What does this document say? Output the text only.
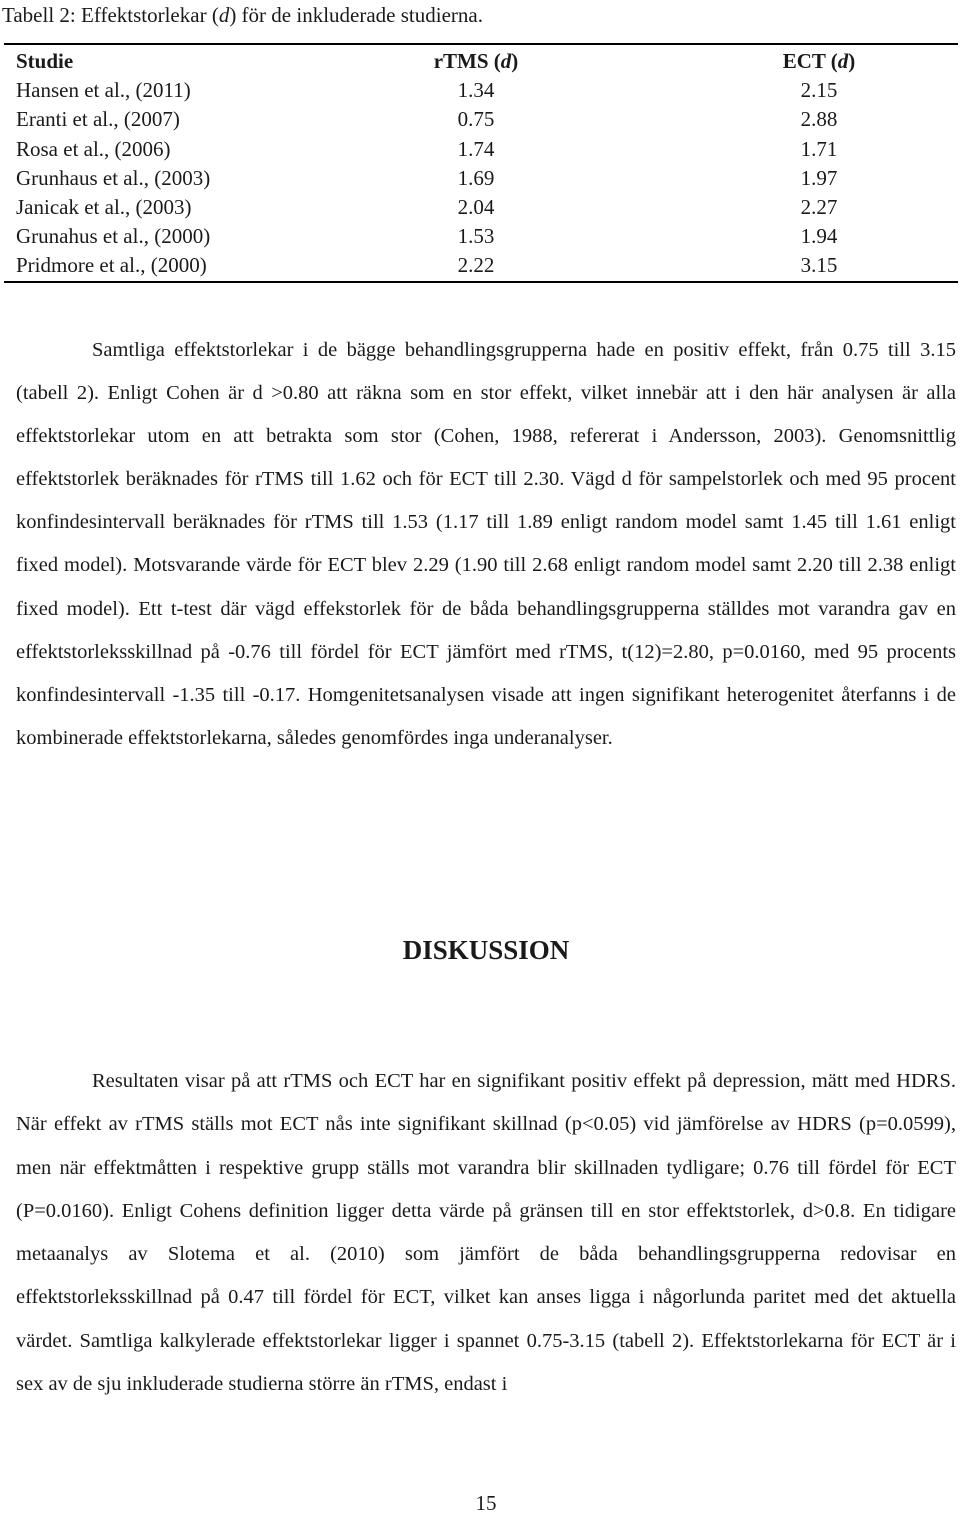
Tabell 2: Effektstorlekar (d) för de inkluderade studierna.
Studie	rTMS (d)	ECT (d)
Hansen et al., (2011)	1.34	2.15
Eranti et al., (2007)	0.75	2.88
Rosa et al., (2006)	1.74	1.71
Grunhaus et al., (2003)	1.69	1.97
Janicak et al., (2003)	2.04	2.27
Grunahus et al., (2000)	1.53	1.94
Pridmore et al., (2000)	2.22	3.15
Samtliga effektstorlekar i de bägge behandlingsgrupperna hade en positiv effekt, från 0.75 till 3.15 (tabell 2). Enligt Cohen är d >0.80 att räkna som en stor effekt, vilket innebär att i den här analysen är alla effektstorlekar utom en att betrakta som stor (Cohen, 1988, refererat i Andersson, 2003). Genomsnittlig effektstorlek beräknades för rTMS till 1.62 och för ECT till 2.30. Vägd d för sampelstorlek och med 95 procent konfindesintervall beräknades för rTMS till 1.53 (1.17 till 1.89 enligt random model samt 1.45 till 1.61 enligt fixed model). Motsvarande värde för ECT blev 2.29 (1.90 till 2.68 enligt random model samt 2.20 till 2.38 enligt fixed model). Ett t-test där vägd effekstorlek för de båda behandlingsgrupperna ställdes mot varandra gav en effektstorleksskillnad på -0.76 till fördel för ECT jämfört med rTMS, t(12)=2.80, p=0.0160, med 95 procents konfindesintervall -1.35 till -0.17. Homgenitetsanalysen visade att ingen signifikant heterogenitet återfanns i de kombinerade effektstorlekarna, således genomfördes inga underanalyser.
DISKUSSION
Resultaten visar på att rTMS och ECT har en signifikant positiv effekt på depression, mätt med HDRS. När effekt av rTMS ställs mot ECT nås inte signifikant skillnad (p<0.05) vid jämförelse av HDRS (p=0.0599), men när effektmåtten i respektive grupp ställs mot varandra blir skillnaden tydligare; 0.76 till fördel för ECT (P=0.0160). Enligt Cohens definition ligger detta värde på gränsen till en stor effektstorlek, d>0.8. En tidigare metaanalys av Slotema et al. (2010) som jämfört de båda behandlingsgrupperna redovisar en effektstorleksskillnad på 0.47 till fördel för ECT, vilket kan anses ligga i någorlunda paritet med det aktuella värdet. Samtliga kalkylerade effektstorlekar ligger i spannet 0.75-3.15 (tabell 2). Effektstorlekarna för ECT är i sex av de sju inkluderade studierna större än rTMS, endast i
15
